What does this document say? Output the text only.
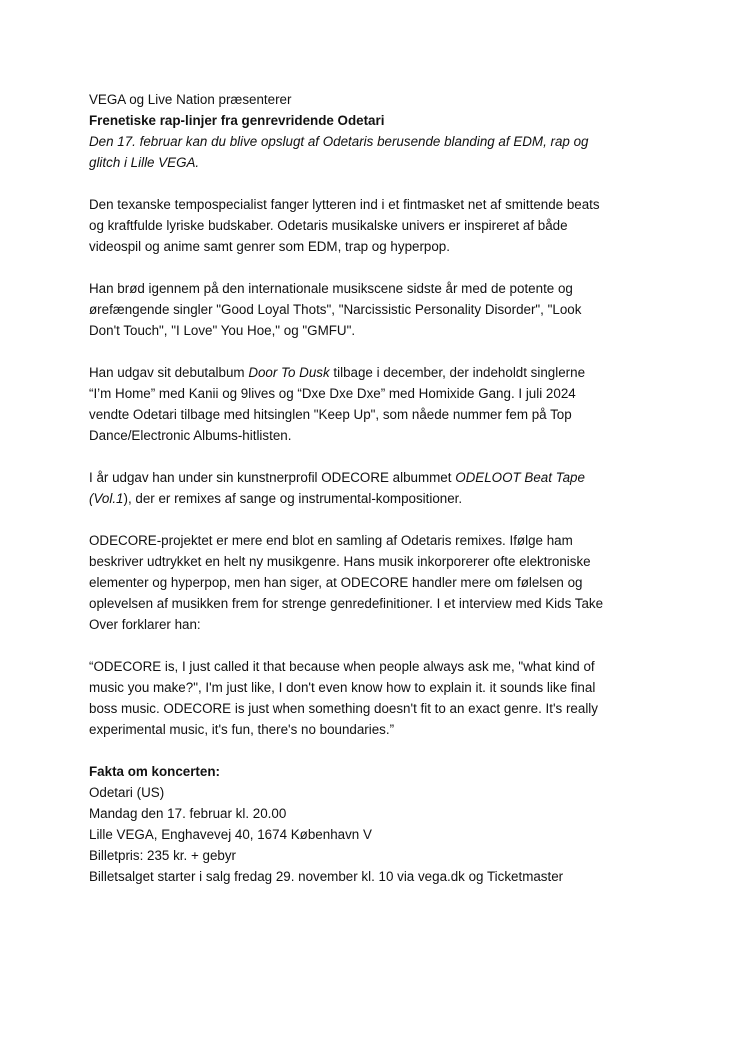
VEGA og Live Nation præsenterer
Frenetiske rap-linjer fra genrevridende Odetari
Den 17. februar kan du blive opslugt af Odetaris berusende blanding af EDM, rap og
glitch i Lille VEGA.
Den texanske tempospecialist fanger lytteren ind i et fintmasket net af smittende beats
og kraftfulde lyriske budskaber. Odetaris musikalske univers er inspireret af både
videospil og anime samt genrer som EDM, trap og hyperpop.
Han brød igennem på den internationale musikscene sidste år med de potente og
ørefængende singler "Good Loyal Thots", "Narcissistic Personality Disorder", "Look
Don't Touch", "I Love" You Hoe," og "GMFU".
Han udgav sit debutalbum Door To Dusk tilbage i december, der indeholdt singlerne
“I’m Home” med Kanii og 9lives og “Dxe Dxe Dxe” med Homixide Gang. I juli 2024
vendte Odetari tilbage med hitsinglen "Keep Up", som nåede nummer fem på Top
Dance/Electronic Albums-hitlisten.
I år udgav han under sin kunstnerprofil ODECORE albummet ODELOOT Beat Tape
(Vol.1), der er remixes af sange og instrumental-kompositioner.
ODECORE-projektet er mere end blot en samling af Odetaris remixes. Ifølge ham
beskriver udtrykket en helt ny musikgenre. Hans musik inkorporerer ofte elektroniske
elementer og hyperpop, men han siger, at ODECORE handler mere om følelsen og
oplevelsen af musikken frem for strenge genredefinitioner. I et interview med Kids Take
Over forklarer han:
“ODECORE is, I just called it that because when people always ask me, "what kind of
music you make?", I'm just like, I don't even know how to explain it. it sounds like final
boss music. ODECORE is just when something doesn't fit to an exact genre. It's really
experimental music, it's fun, there's no boundaries.”
Fakta om koncerten:
Odetari (US)
Mandag den 17. februar kl. 20.00
Lille VEGA, Enghavevej 40, 1674 København V
Billetpris: 235 kr. + gebyr
Billetsalget starter i salg fredag 29. november kl. 10 via vega.dk og Ticketmaster
